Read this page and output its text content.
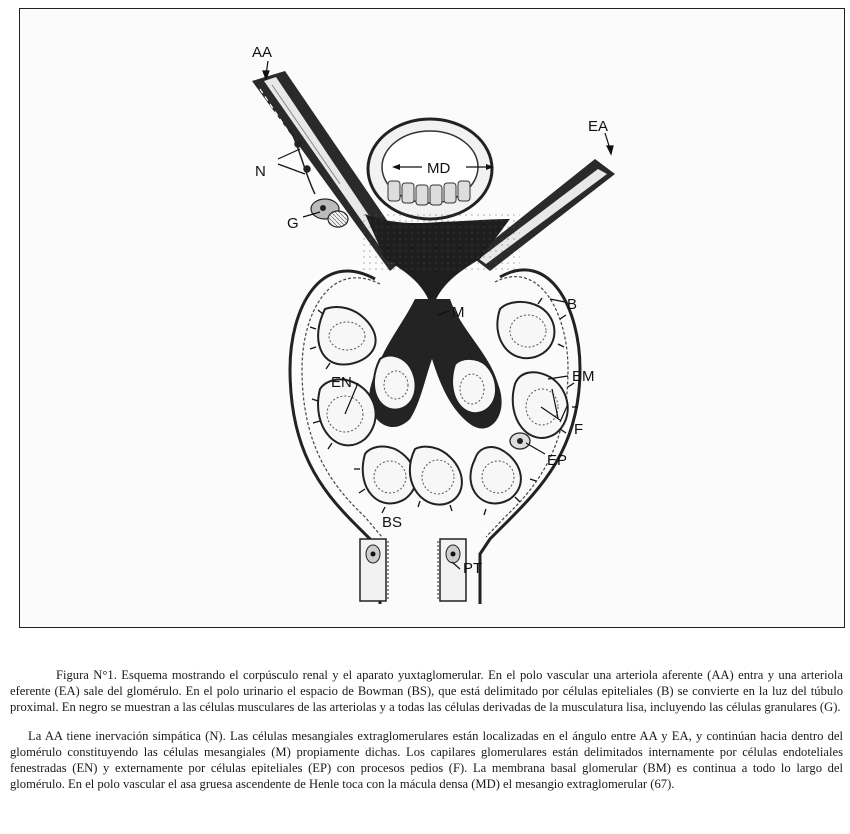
AA
EA
N	MD
G
B
M
EN	BM
F
EP
BS
PT

Figura N°1. Esquema mostrando el corpúsculo renal y el aparato yuxtaglomerular. En el polo vascular una arteriola aferente (AA) entra y una arteriola eferente (EA) sale del glomérulo. En el polo urinario el espacio de Bowman (BS), que está delimitado por células epiteliales (B) se convierte en la luz del túbulo proximal. En negro se muestran a las células musculares de las arteriolas y a todas las células derivadas de la musculatura lisa, incluyendo las células granulares (G).

La AA tiene inervación simpática (N). Las células mesangiales extraglomerulares están localizadas en el ángulo entre AA y EA, y continúan hacia dentro del glomérulo constituyendo las células mesangiales (M) propiamente dichas. Los capilares glomerulares están delimitados internamente por células endoteliales fenestradas (EN) y externamente por células epiteliales (EP) con procesos pedios (F). La membrana basal glomerular (BM) es continua a todo lo largo del glomérulo. En el polo vascular el asa gruesa ascendente de Henle toca con la mácula densa (MD) el mesangio extraglomerular (67).
